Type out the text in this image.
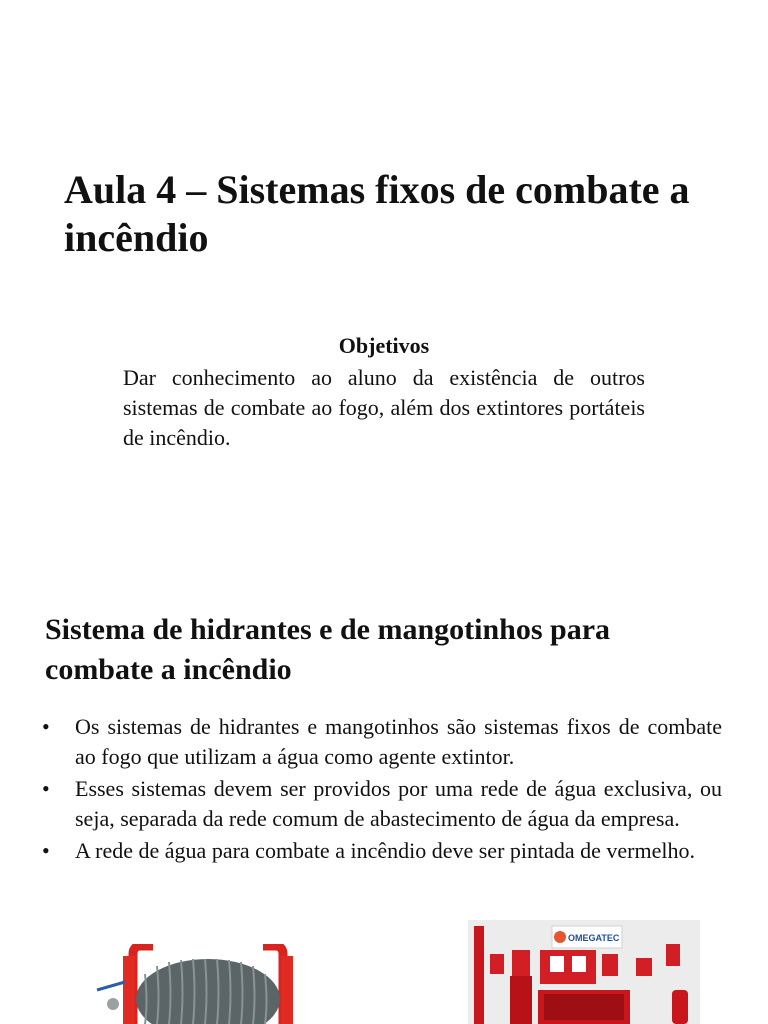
Aula 4 – Sistemas fixos de combate a incêndio

Objetivos

Dar conhecimento ao aluno da existência de outros sistemas de combate ao fogo, além dos extintores portáteis de incêndio.

Sistema de hidrantes e de mangotinhos para combate a incêndio
• Os sistemas de hidrantes e mangotinhos são sistemas fixos de combate ao fogo que utilizam a água como agente extintor.
• Esses sistemas devem ser providos por uma rede de água exclusiva, ou seja, separada da rede comum de abastecimento de água da empresa.
• A rede de água para combate a incêndio deve ser pintada de vermelho.
OMEGATEC
